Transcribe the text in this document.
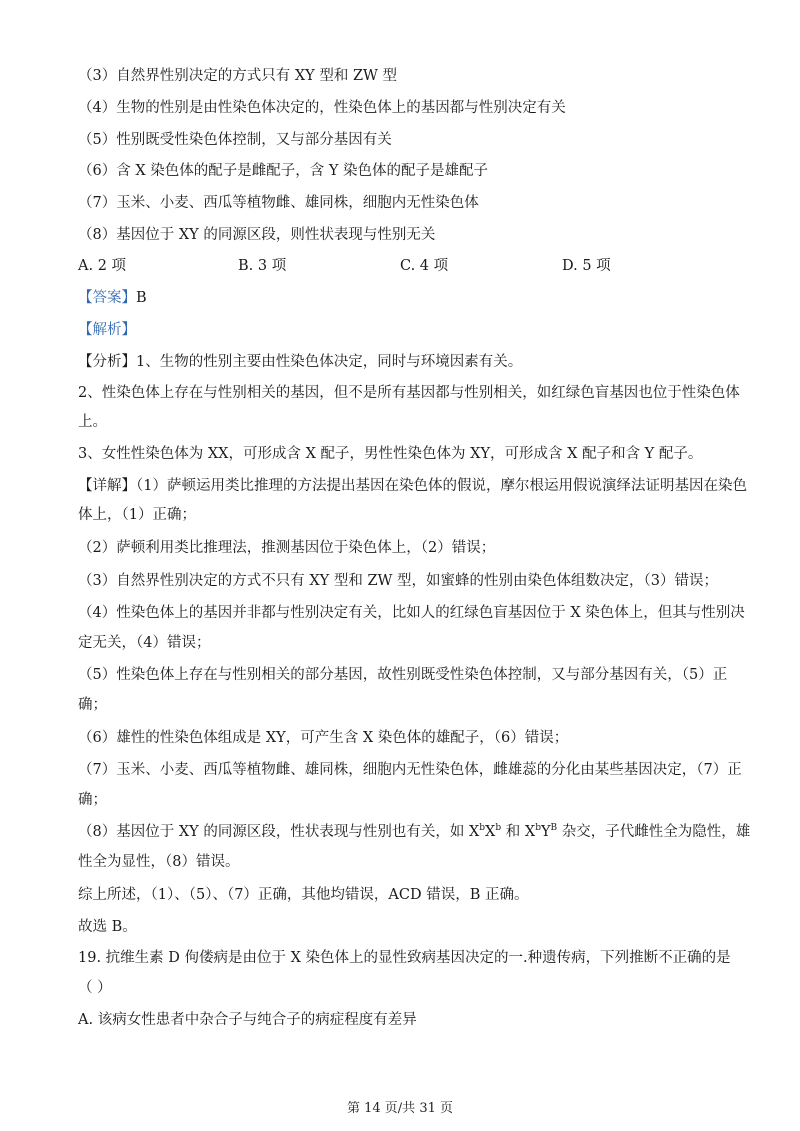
（3）自然界性别决定的方式只有 XY 型和 ZW 型
（4）生物的性别是由性染色体决定的，性染色体上的基因都与性别决定有关
（5）性别既受性染色体控制，又与部分基因有关
（6）含 X 染色体的配子是雌配子，含 Y 染色体的配子是雄配子
（7）玉米、小麦、西瓜等植物雌、雄同株，细胞内无性染色体
（8）基因位于 XY 的同源区段，则性状表现与性别无关
A. 2 项	B. 3 项	C. 4 项	D. 5 项
【答案】B
【解析】
【分析】1、生物的性别主要由性染色体决定，同时与环境因素有关。
2、性染色体上存在与性别相关的基因，但不是所有基因都与性别相关，如红绿色盲基因也位于性染色体
上。
3、女性性染色体为 XX，可形成含 X 配子，男性性染色体为 XY，可形成含 X 配子和含 Y 配子。
【详解】（1）萨顿运用类比推理的方法提出基因在染色体的假说，摩尔根运用假说演绎法证明基因在染色
体上，（1）正确；
（2）萨顿利用类比推理法，推测基因位于染色体上，（2）错误；
（3）自然界性别决定的方式不只有 XY 型和 ZW 型，如蜜蜂的性别由染色体组数决定，（3）错误；
（4）性染色体上的基因并非都与性别决定有关，比如人的红绿色盲基因位于 X 染色体上，但其与性别决
定无关，（4）错误；
（5）性染色体上存在与性别相关的部分基因，故性别既受性染色体控制，又与部分基因有关，（5）正
确；
（6）雄性的性染色体组成是 XY，可产生含 X 染色体的雄配子，（6）错误；
（7）玉米、小麦、西瓜等植物雌、雄同株，细胞内无性染色体，雌雄蕊的分化由某些基因决定，（7）正
确；
（8）基因位于 XY 的同源区段，性状表现与性别也有关，如 $X^bX^b$ 和 $X^bY^B$ 杂交，子代雌性全为隐性，雄
性全为显性，（8）错误。
综上所述，（1）、（5）、（7）正确，其他均错误，ACD 错误，B 正确。
故选 B。
19. 抗维生素 D 佝偻病是由位于 X 染色体上的显性致病基因决定的一.种遗传病，下列推断不正确的是
（ ）
A. 该病女性患者中杂合子与纯合子的病症程度有差异
第 14 页/共 31 页
